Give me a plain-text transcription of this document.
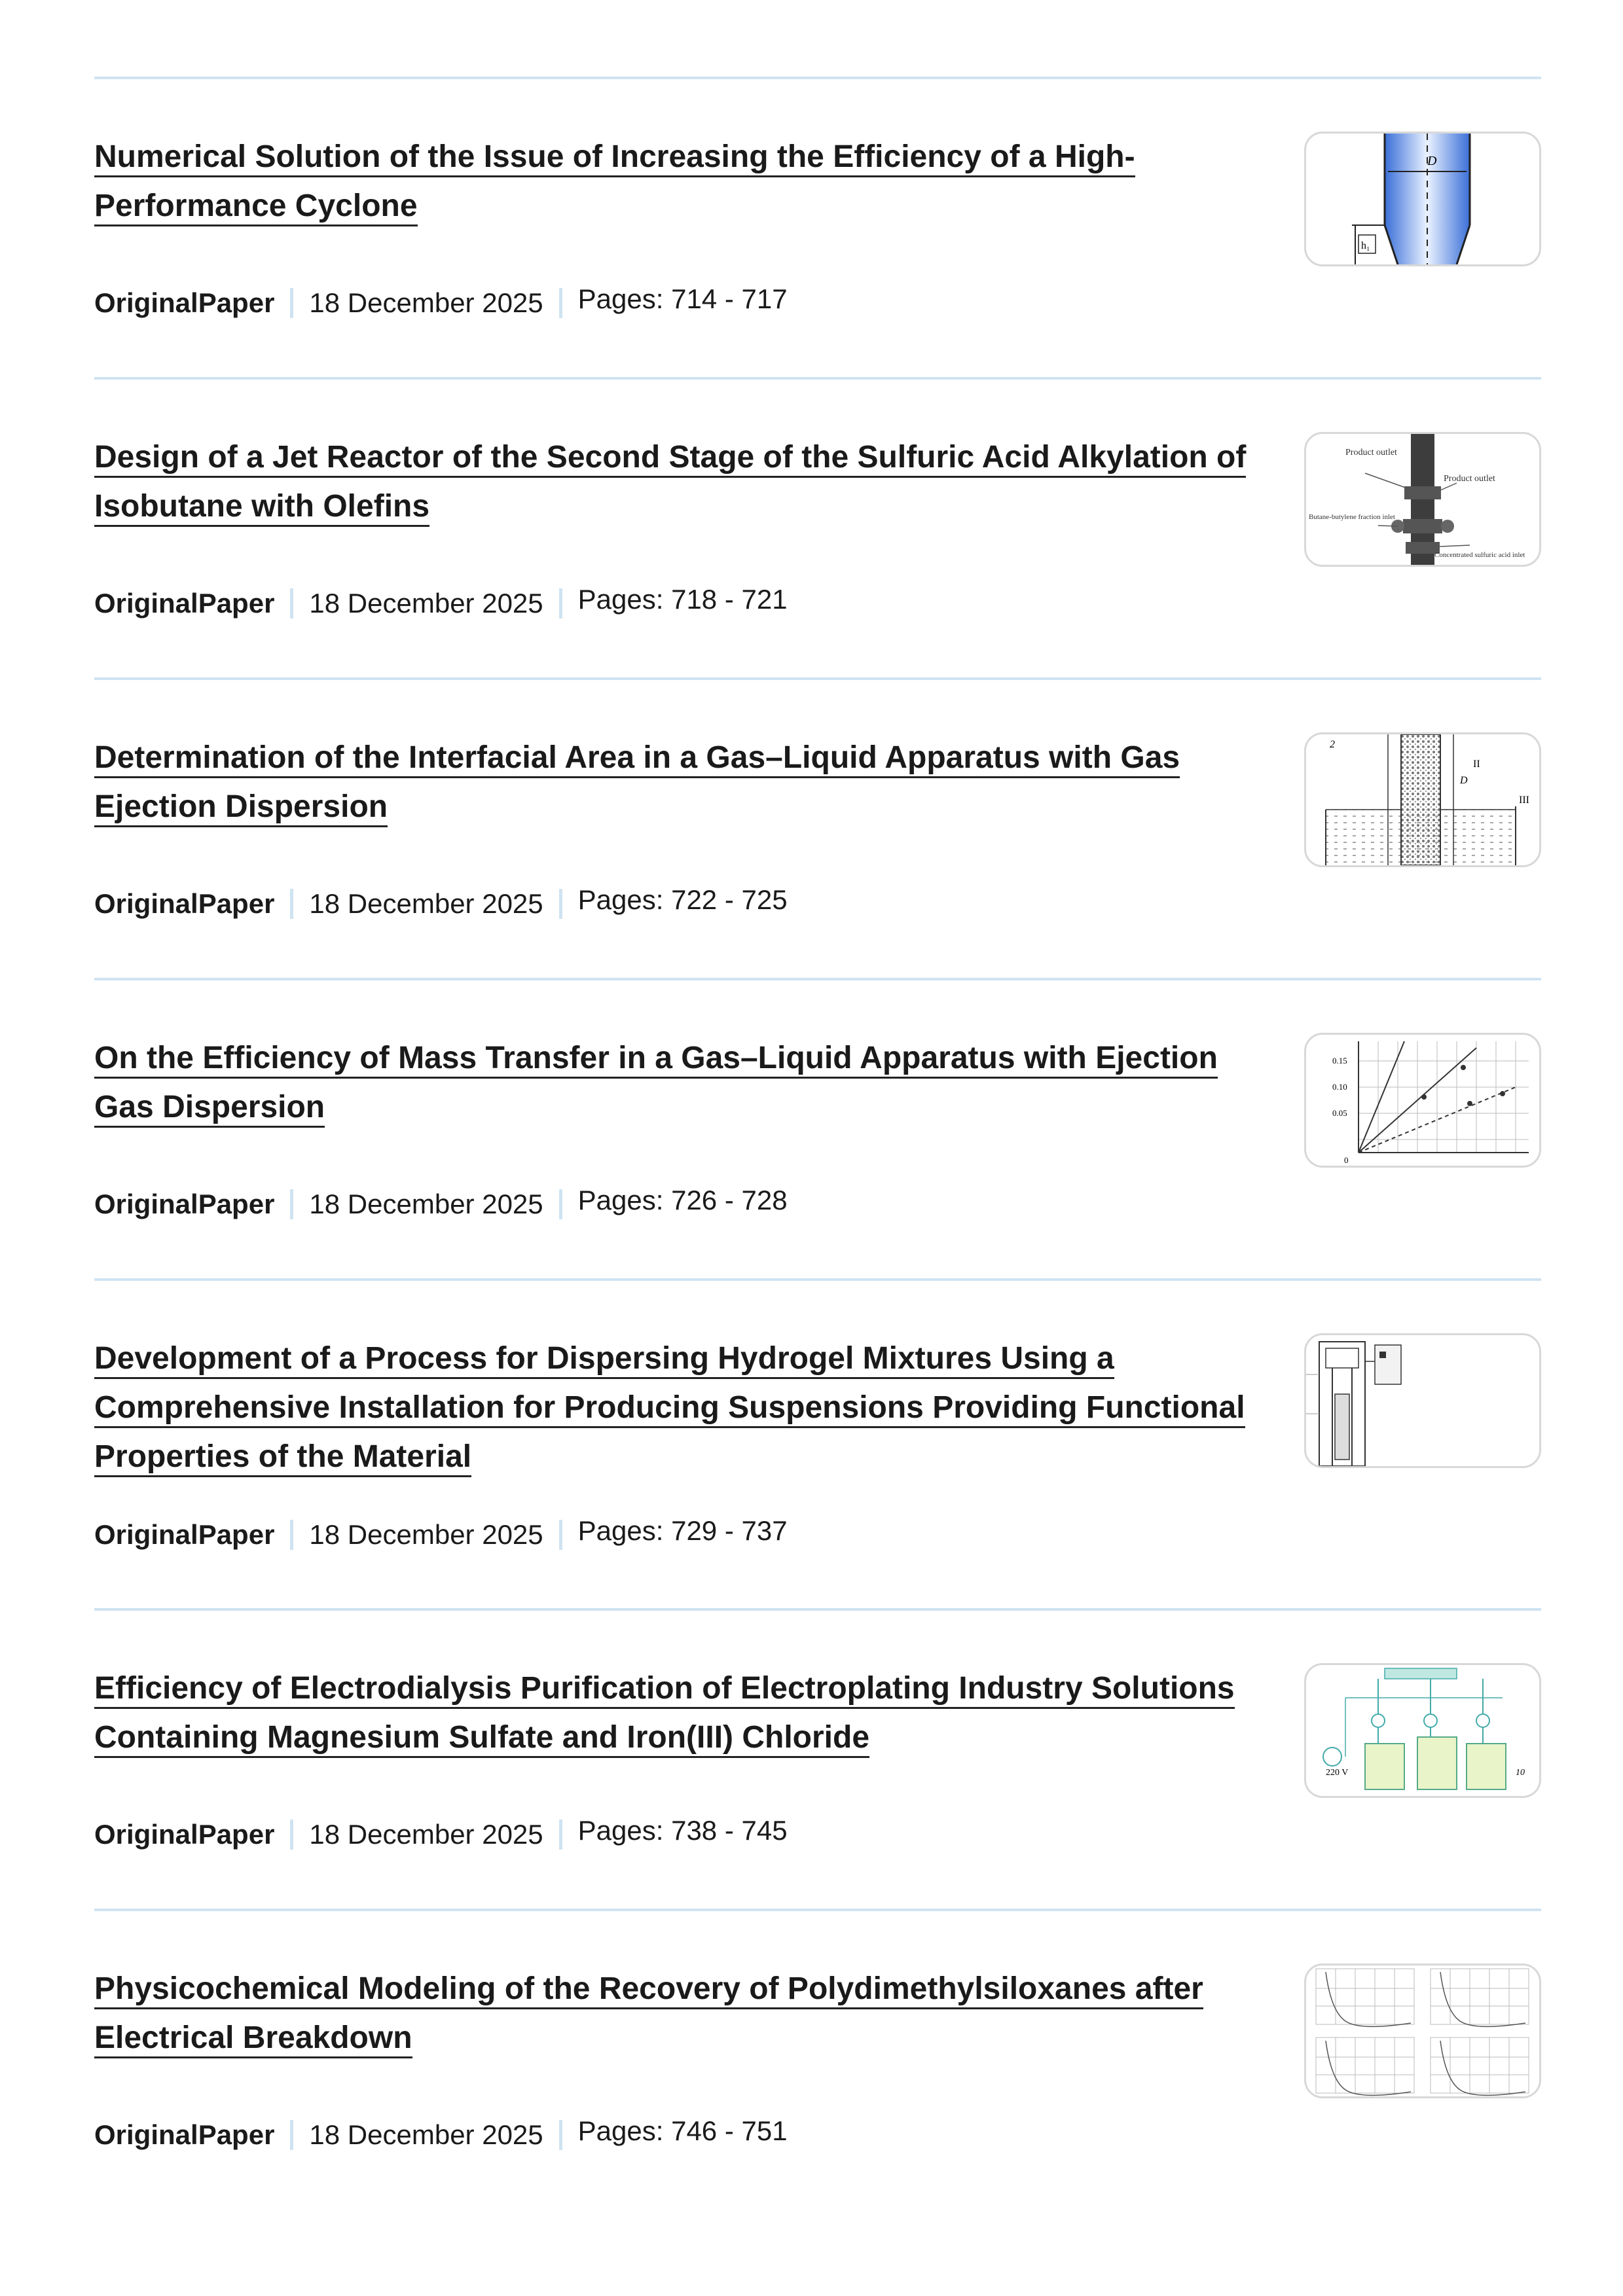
Numerical Solution of the Issue of Increasing the Efficiency of a High-Performance Cyclone
OriginalPaper 18 December 2025 Pages: 714 - 717
D
h₁
Design of a Jet Reactor of the Second Stage of the Sulfuric Acid Alkylation of Isobutane with Olefins
OriginalPaper 18 December 2025 Pages: 718 - 721
Product outlet
Product outlet
Butane-butylene fraction inlet
Concentrated sulfuric acid inlet
Determination of the Interfacial Area in a Gas–Liquid Apparatus with Gas Ejection Dispersion
OriginalPaper 18 December 2025 Pages: 722 - 725
2
II
III
D
On the Efficiency of Mass Transfer in a Gas–Liquid Apparatus with Ejection Gas Dispersion
OriginalPaper 18 December 2025 Pages: 726 - 728
0.15
0.10
0.05
0
Development of a Process for Dispersing Hydrogel Mixtures Using a Comprehensive Installation for Producing Suspensions Providing Functional Properties of the Material
OriginalPaper 18 December 2025 Pages: 729 - 737
Efficiency of Electrodialysis Purification of Electroplating Industry Solutions Containing Magnesium Sulfate and Iron(III) Chloride
OriginalPaper 18 December 2025 Pages: 738 - 745
220 V	10
Physicochemical Modeling of the Recovery of Polydimethylsiloxanes after Electrical Breakdown
OriginalPaper 18 December 2025 Pages: 746 - 751
